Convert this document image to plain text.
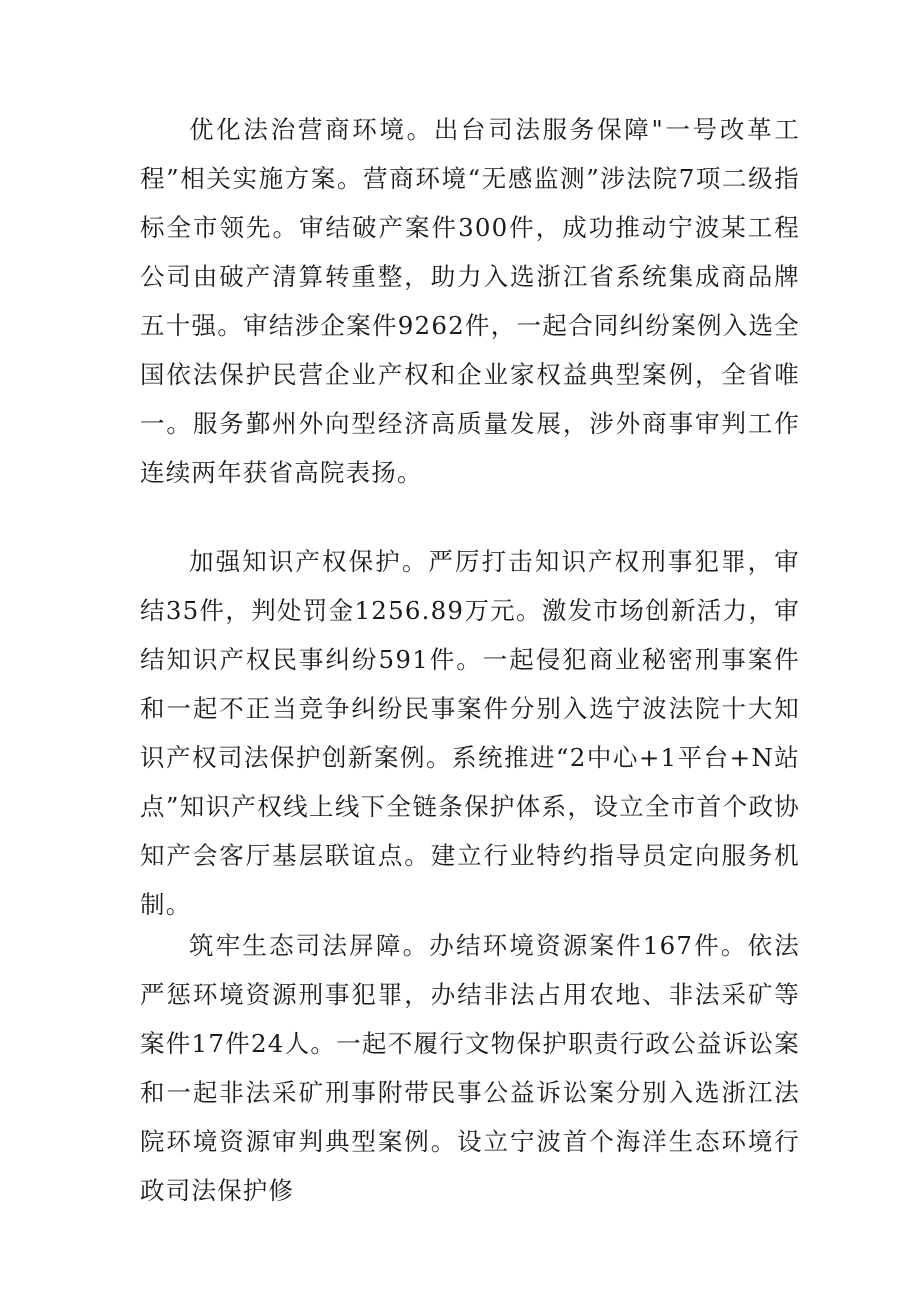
优化法治营商环境。出台司法服务保障"一号改革工程”相关实施方案。营商环境“无感监测”涉法院7项二级指标全市领先。审结破产案件300件，成功推动宁波某工程公司由破产清算转重整，助力入选浙江省系统集成商品牌五十强。审结涉企案件9262件，一起合同纠纷案例入选全国依法保护民营企业产权和企业家权益典型案例，全省唯一。服务鄞州外向型经济高质量发展，涉外商事审判工作连续两年获省高院表扬。

加强知识产权保护。严厉打击知识产权刑事犯罪，审结35件，判处罚金1256.89万元。激发市场创新活力，审结知识产权民事纠纷591件。一起侵犯商业秘密刑事案件和一起不正当竞争纠纷民事案件分别入选宁波法院十大知识产权司法保护创新案例。系统推进“2中心+1平台+N站点”知识产权线上线下全链条保护体系，设立全市首个政协知产会客厅基层联谊点。建立行业特约指导员定向服务机制。

筑牢生态司法屏障。办结环境资源案件167件。依法严惩环境资源刑事犯罪，办结非法占用农地、非法采矿等案件17件24人。一起不履行文物保护职责行政公益诉讼案和一起非法采矿刑事附带民事公益诉讼案分别入选浙江法院环境资源审判典型案例。设立宁波首个海洋生态环境行政司法保护修
